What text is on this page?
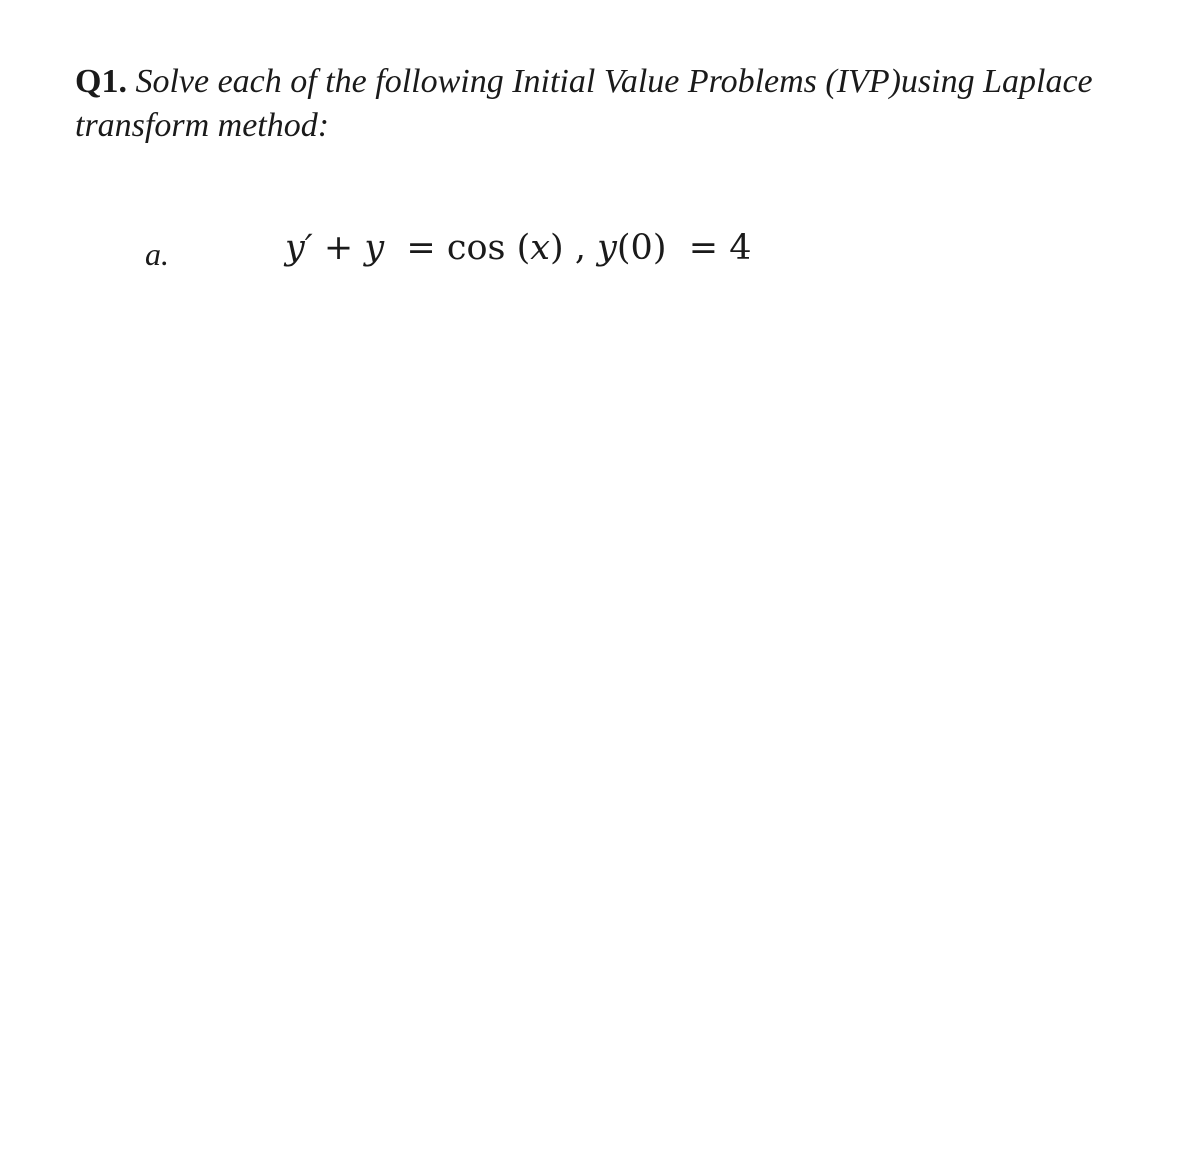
Q1. Solve each of the following Initial Value Problems (IVP)using Laplace transform method:
a.	y′ + y = cos (x) , y(0) = 4
